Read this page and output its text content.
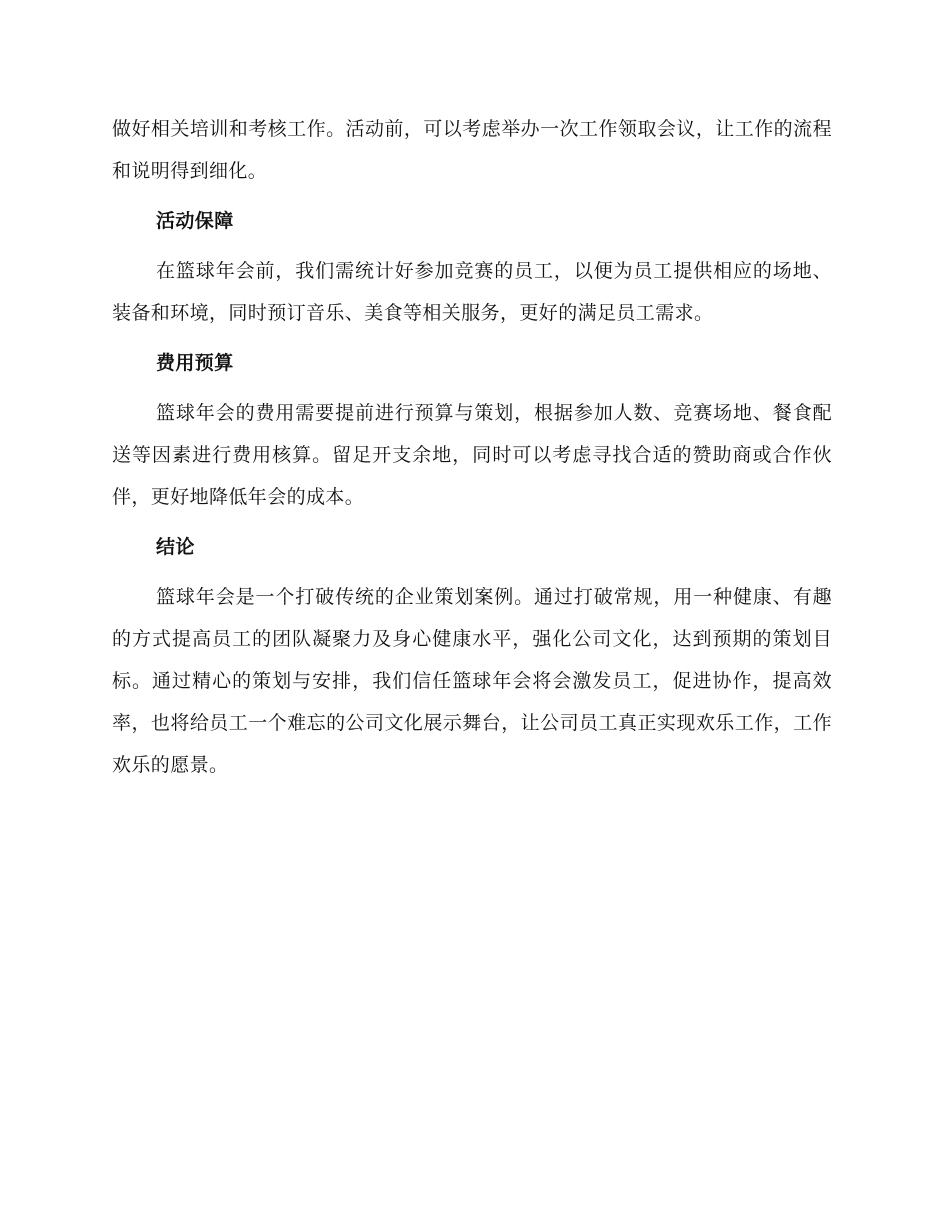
做好相关培训和考核工作。活动前，可以考虑举办一次工作领取会议，让工作的流程和说明得到细化。

活动保障

在篮球年会前，我们需统计好参加竞赛的员工，以便为员工提供相应的场地、装备和环境，同时预订音乐、美食等相关服务，更好的满足员工需求。

费用预算

篮球年会的费用需要提前进行预算与策划，根据参加人数、竞赛场地、餐食配送等因素进行费用核算。留足开支余地，同时可以考虑寻找合适的赞助商或合作伙伴，更好地降低年会的成本。

结论

篮球年会是一个打破传统的企业策划案例。通过打破常规，用一种健康、有趣的方式提高员工的团队凝聚力及身心健康水平，强化公司文化，达到预期的策划目标。通过精心的策划与安排，我们信任篮球年会将会激发员工，促进协作，提高效率，也将给员工一个难忘的公司文化展示舞台，让公司员工真正实现欢乐工作，工作欢乐的愿景。
